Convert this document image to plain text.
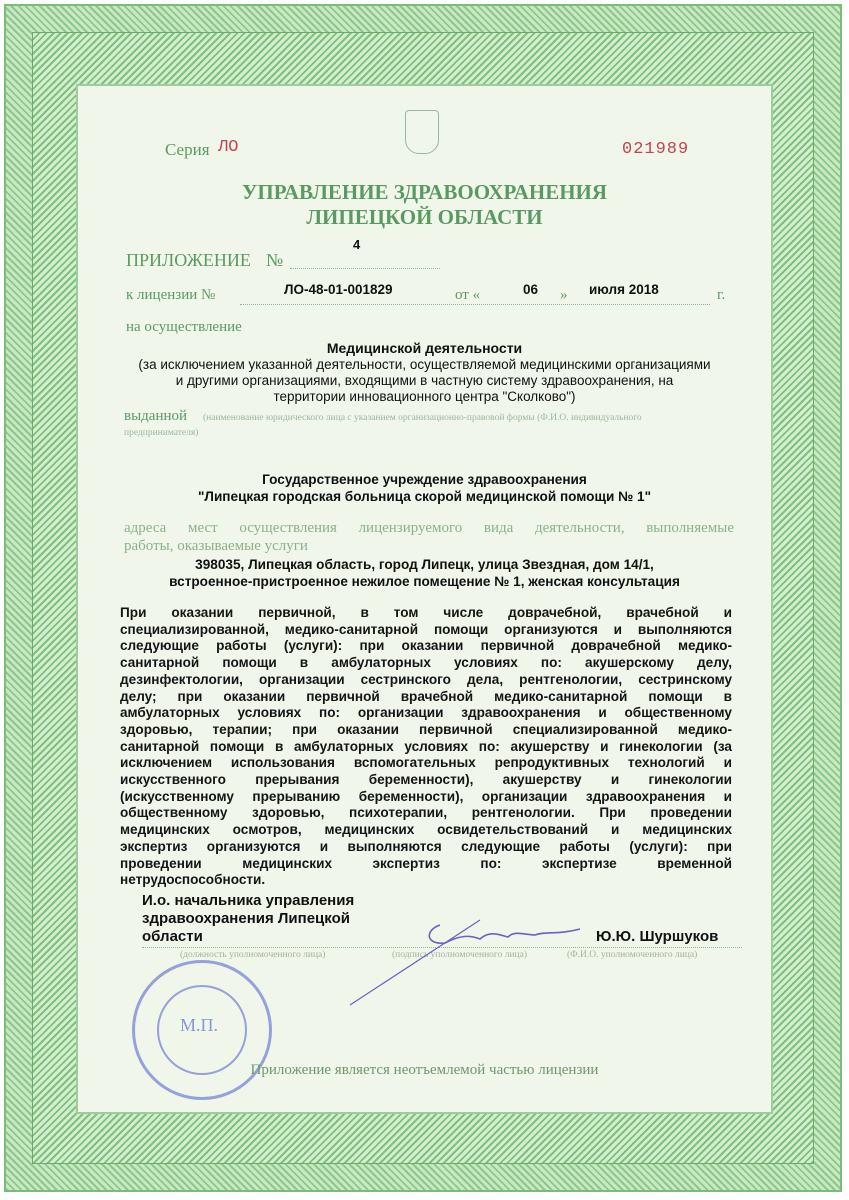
Серия ЛО	021989
УПРАВЛЕНИЕ ЗДРАВООХРАНЕНИЯ
ЛИПЕЦКОЙ ОБЛАСТИ
ПРИЛОЖЕНИЕ №
4
к лицензии №	ЛО-48-01-001829	от «	06 » июля 2018	г.
на осуществление
Медицинской деятельности
(за исключением указанной деятельности, осуществляемой медицинскими организациями
и другими организациями, входящими в частную систему здравоохранения, на
территории инновационного центра "Сколково")
выданной (наименование юридического лица с указанием организационно-правовой формы (Ф.И.О. индивидуального
предпринимателя)
Государственное учреждение здравоохранения
"Липецкая городская больница скорой медицинской помощи № 1"
адреса мест осуществления лицензируемого вида деятельности, выполняемые
работы, оказываемые услуги
398035, Липецкая область, город Липецк, улица Звездная, дом 14/1,
встроенное-пристроенное нежилое помещение № 1, женская консультация
При оказании первичной, в том числе доврачебной, врачебной и
специализированной, медико-санитарной помощи организуются и выполняются
следующие работы (услуги): при оказании первичной доврачебной медико-
санитарной помощи в амбулаторных условиях по: акушерскому делу,
дезинфектологии, организации сестринского дела, рентгенологии, сестринскому
делу; при оказании первичной врачебной медико-санитарной помощи в
амбулаторных условиях по: организации здравоохранения и общественному
здоровью, терапии; при оказании первичной специализированной медико-
санитарной помощи в амбулаторных условиях по: акушерству и гинекологии (за
исключением использования вспомогательных репродуктивных технологий и
искусственного прерывания беременности), акушерству и гинекологии
(искусственному прерыванию беременности), организации здравоохранения и
общественному здоровью, психотерапии, рентгенологии. При проведении
медицинских осмотров, медицинских освидетельствований и медицинских
экспертиз организуются и выполняются следующие работы (услуги): при
проведении медицинских экспертиз по: экспертизе временной
нетрудоспособности.
И.о. начальника управления
здравоохранения Липецкой
области	Ю.Ю. Шуршуков
(должность уполномоченного лица)	(подпись уполномоченного лица)	(Ф.И.О. уполномоченного лица)
М.П.
Приложение является неотъемлемой частью лицензии
